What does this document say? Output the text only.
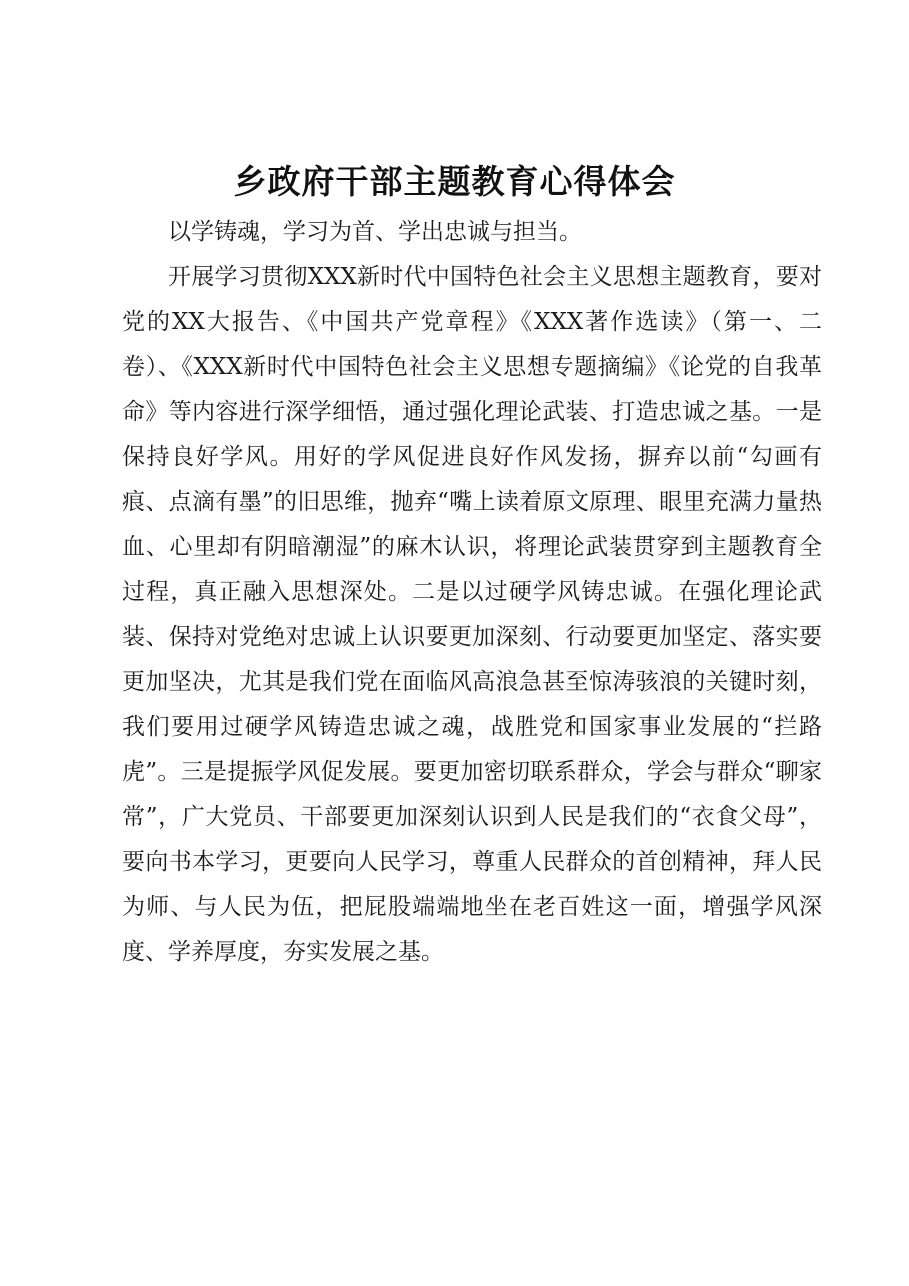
乡政府干部主题教育心得体会

以学铸魂，学习为首、学出忠诚与担当。

开展学习贯彻XXX新时代中国特色社会主义思想主题教育，要对党的XX大报告、《中国共产党章程》《XXX著作选读》（第一、二卷）、《XXX新时代中国特色社会主义思想专题摘编》《论党的自我革命》等内容进行深学细悟，通过强化理论武装、打造忠诚之基。一是保持良好学风。用好的学风促进良好作风发扬，摒弃以前“勾画有痕、点滴有墨”的旧思维，抛弃“嘴上读着原文原理、眼里充满力量热血、心里却有阴暗潮湿”的麻木认识，将理论武装贯穿到主题教育全过程，真正融入思想深处。二是以过硬学风铸忠诚。在强化理论武装、保持对党绝对忠诚上认识要更加深刻、行动要更加坚定、落实要更加坚决，尤其是我们党在面临风高浪急甚至惊涛骇浪的关键时刻，我们要用过硬学风铸造忠诚之魂，战胜党和国家事业发展的“拦路虎”。三是提振学风促发展。要更加密切联系群众，学会与群众“聊家常”，广大党员、干部要更加深刻认识到人民是我们的“衣食父母”，要向书本学习，更要向人民学习，尊重人民群众的首创精神，拜人民为师、与人民为伍，把屁股端端地坐在老百姓这一面，增强学风深度、学养厚度，夯实发展之基。
